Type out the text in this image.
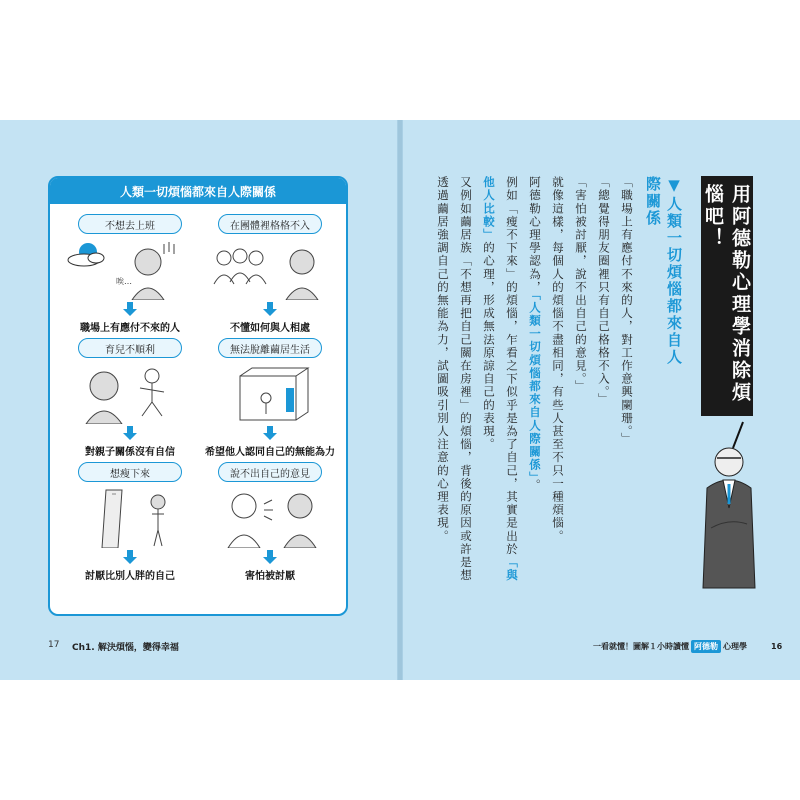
人類一切煩惱都來自人際關係
不想去上班
唉…
職場上有應付不來的人
在團體裡格格不入
不懂如何與人相處
育兒不順利
對親子關係沒有自信
無法脫離繭居生活
希望他人認同自己的無能為力
想瘦下來
討厭比別人胖的自己
說不出自己的意見
害怕被討厭
17 Ch1. 解決煩惱，變得幸福
用阿德勒心理學消除煩惱吧！
▼人類一切煩惱都來自人際關係

「職場上有應付不來的人，對工作意興闌珊。」

「總覺得朋友圈裡只有自己格格不入。」

「害怕被討厭，說不出自己的意見。」

就像這樣，每個人的煩惱不盡相同，有些人甚至不只一種煩惱。

阿德勒心理學認為，「人類一切煩惱都來自人際關係」。

例如「瘦不下來」的煩惱，乍看之下似乎是為了自己，其實是出於「與他人比較」的心理，形成無法原諒自己的表現。

又例如繭居族「不想再把自己關在房裡」的煩惱，背後的原因或許是想透過繭居強調自己的無能為力，試圖吸引別人注意的心理表現。

一看就懂！圖解１小時讀懂 阿德勒 心理學	16
